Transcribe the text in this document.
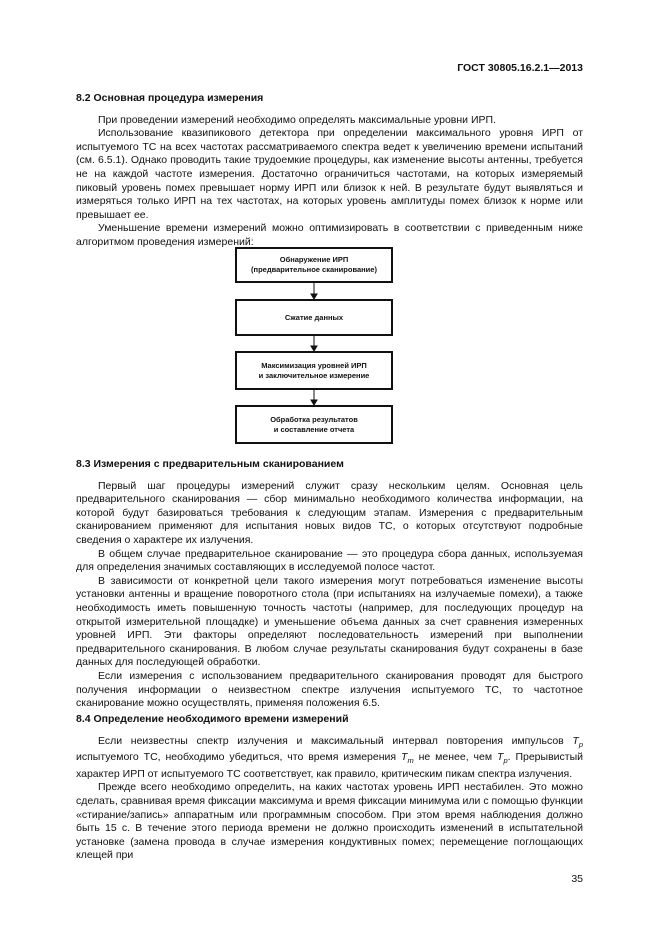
ГОСТ 30805.16.2.1—2013
8.2 Основная процедура измерения

При проведении измерений необходимо определять максимальные уровни ИРП.

Использование квазипикового детектора при определении максимального уровня ИРП от испытуемого ТС на всех частотах рассматриваемого спектра ведет к увеличению времени испытаний (см. 6.5.1). Однако проводить такие трудоемкие процедуры, как изменение высоты антенны, требуется не на каждой частоте измерения. Достаточно ограничиться частотами, на которых измеряемый пиковый уровень помех превышает норму ИРП или близок к ней. В результате будут выявляться и измеряться только ИРП на тех частотах, на которых уровень амплитуды помех близок к норме или превышает ее.

Уменьшение времени измерений можно оптимизировать в соответствии с приведенным ниже алгоритмом проведения измерений:

Обнаружение ИРП
(предварительное сканирование)
Сжатие данных
Максимизация уровней ИРП
и заключительное измерение
Обработка результатов
и составление отчета
8.3 Измерения с предварительным сканированием

Первый шаг процедуры измерений служит сразу нескольким целям. Основная цель предварительного сканирования — сбор минимально необходимого количества информации, на которой будут базироваться требования к следующим этапам. Измерения с предварительным сканированием применяют для испытания новых видов ТС, о которых отсутствуют подробные сведения о характере их излучения.

В общем случае предварительное сканирование — это процедура сбора данных, используемая для определения значимых составляющих в исследуемой полосе частот.

В зависимости от конкретной цели такого измерения могут потребоваться изменение высоты установки антенны и вращение поворотного стола (при испытаниях на излучаемые помехи), а также необходимость иметь повышенную точность частоты (например, для последующих процедур на открытой измерительной площадке) и уменьшение объема данных за счет сравнения измеренных уровней ИРП. Эти факторы определяют последовательность измерений при выполнении предварительного сканирования. В любом случае результаты сканирования будут сохранены в базе данных для последующей обработки.

Если измерения с использованием предварительного сканирования проводят для быстрого получения информации о неизвестном спектре излучения испытуемого ТС, то частотное сканирование можно осуществлять, применяя положения 6.5.

8.4 Определение необходимого времени измерений

Если неизвестны спектр излучения и максимальный интервал повторения импульсов $T_p$ испытуемого ТС, необходимо убедиться, что время измерения $T_m$ не менее, чем $T_p$. Прерывистый характер ИРП от испытуемого ТС соответствует, как правило, критическим пикам спектра излучения.

Прежде всего необходимо определить, на каких частотах уровень ИРП нестабилен. Это можно сделать, сравнивая время фиксации максимума и время фиксации минимума или с помощью функции «стирание/запись» аппаратным или программным способом. При этом время наблюдения должно быть 15 с. В течение этого периода времени не должно происходить изменений в испытательной установке (замена провода в случае измерения кондуктивных помех; перемещение поглощающих клещей при

35
